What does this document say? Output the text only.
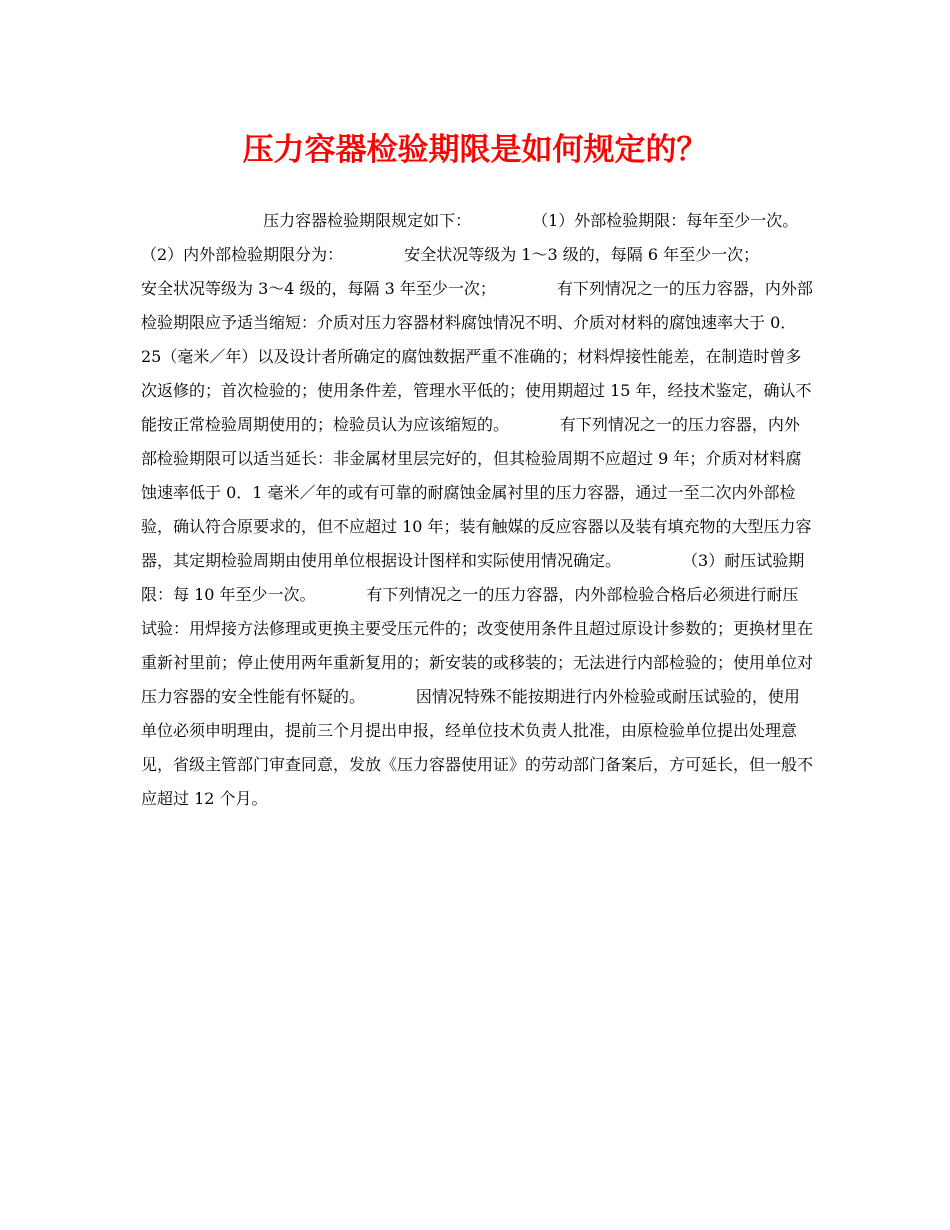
压力容器检验期限是如何规定的？

压力容器检验期限规定如下：            （1）外部检验期限：每年至少一次。            （2）内外部检验期限分为：            安全状况等级为 1～3 级的，每隔 6 年至少一次；            安全状况等级为 3～4 级的，每隔 3 年至少一次；            有下列情况之一的压力容器，内外部检验期限应予适当缩短：介质对压力容器材料腐蚀情况不明、介质对材料的腐蚀速率大于 0．25（毫米／年）以及设计者所确定的腐蚀数据严重不准确的；材料焊接性能差，在制造时曾多次返修的；首次检验的；使用条件差，管理水平低的；使用期超过 15 年，经技术鉴定，确认不能按正常检验周期使用的；检验员认为应该缩短的。          有下列情况之一的压力容器，内外部检验期限可以适当延长：非金属材里层完好的，但其检验周期不应超过 9 年；介质对材料腐蚀速率低于 0．1 毫米／年的或有可靠的耐腐蚀金属衬里的压力容器，通过一至二次内外部检验，确认符合原要求的，但不应超过 10 年；装有触媒的反应容器以及装有填充物的大型压力容器，其定期检验周期由使用单位根据设计图样和实际使用情况确定。            （3）耐压试验期限：每 10 年至少一次。          有下列情况之一的压力容器，内外部检验合格后必须进行耐压试验：用焊接方法修理或更换主要受压元件的；改变使用条件且超过原设计参数的；更换材里在重新衬里前；停止使用两年重新复用的；新安装的或移装的；无法进行内部检验的；使用单位对压力容器的安全性能有怀疑的。          因情况特殊不能按期进行内外检验或耐压试验的，使用单位必须申明理由，提前三个月提出申报，经单位技术负责人批准，由原检验单位提出处理意见，省级主管部门审查同意，发放《压力容器使用证》的劳动部门备案后，方可延长，但一般不应超过 12 个月。
